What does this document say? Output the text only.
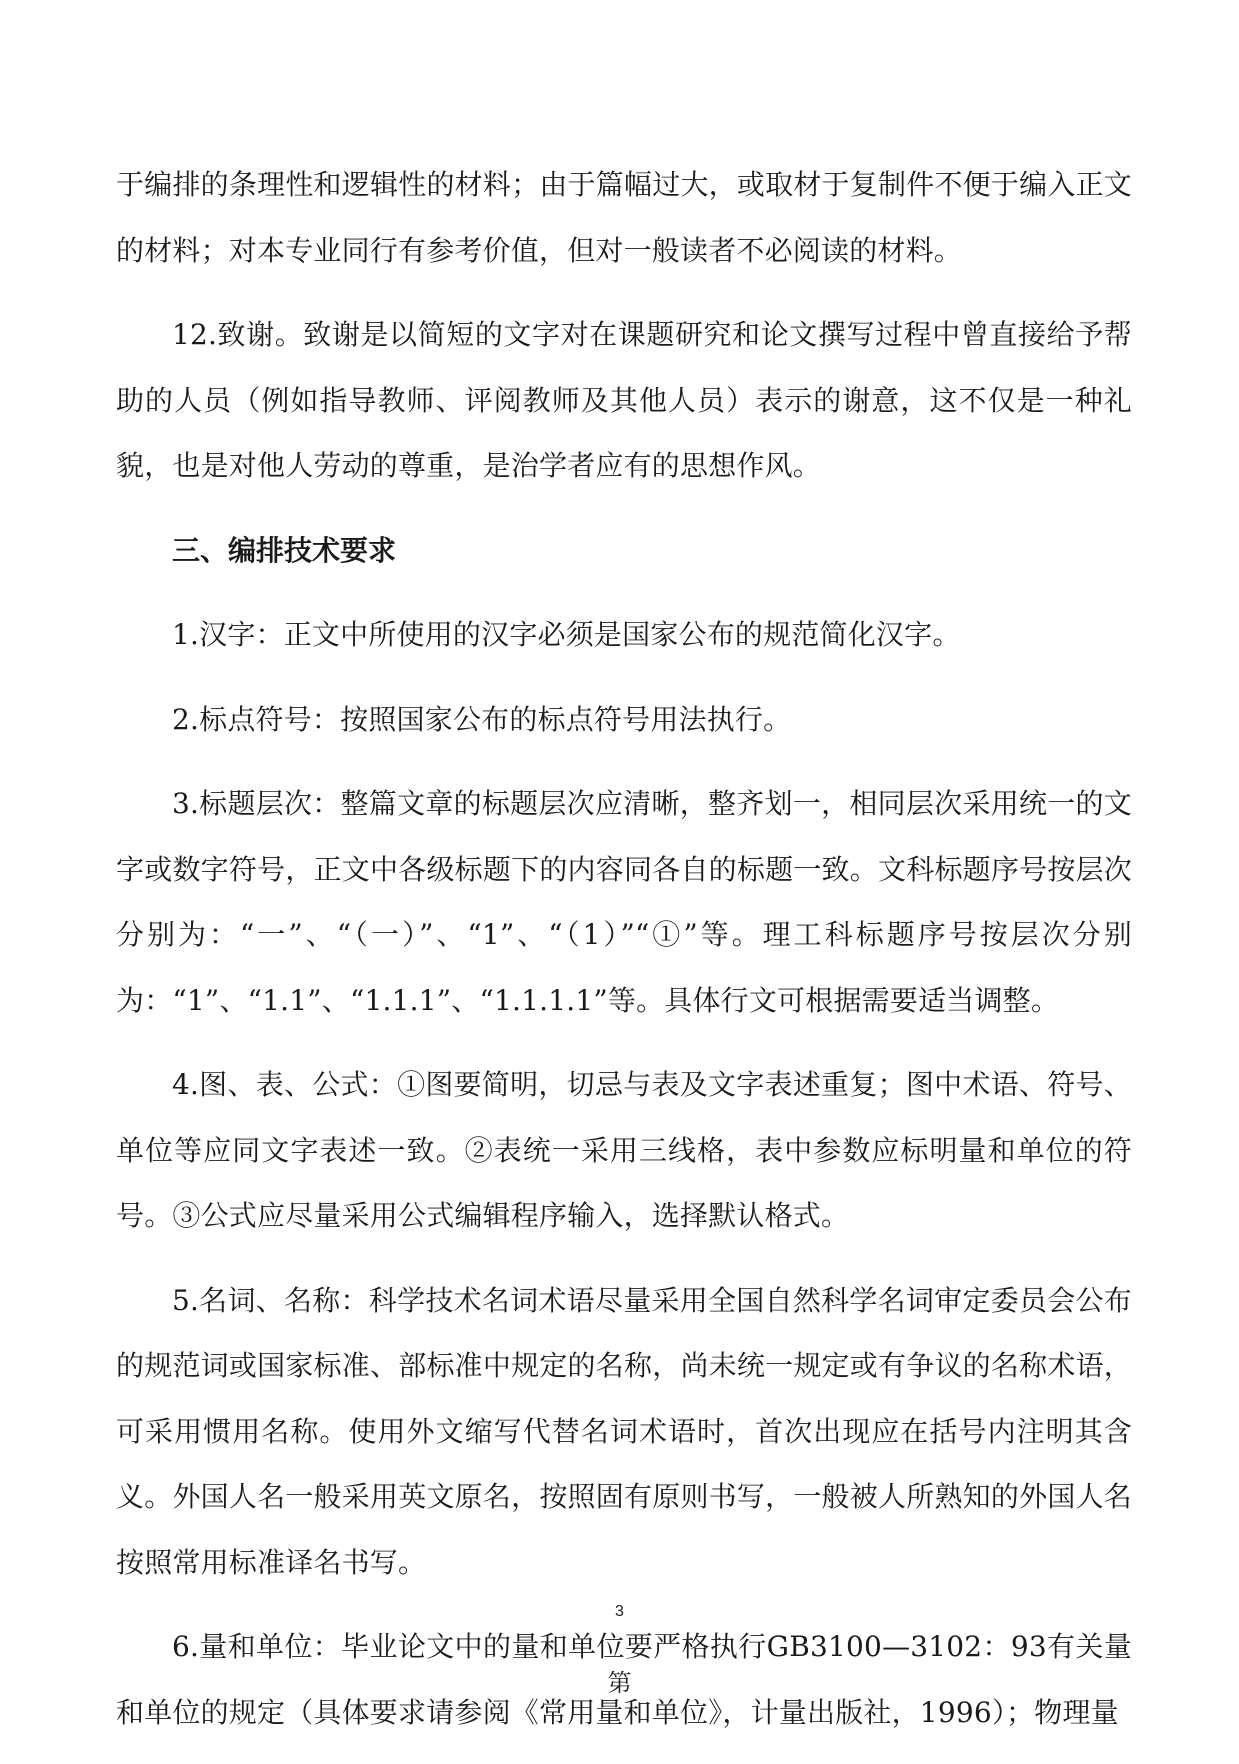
于编排的条理性和逻辑性的材料；由于篇幅过大，或取材于复制件不便于编入正文的材料；对本专业同行有参考价值，但对一般读者不必阅读的材料。

12.致谢。致谢是以简短的文字对在课题研究和论文撰写过程中曾直接给予帮助的人员（例如指导教师、评阅教师及其他人员）表示的谢意，这不仅是一种礼貌，也是对他人劳动的尊重，是治学者应有的思想作风。

三、编排技术要求

1.汉字：正文中所使用的汉字必须是国家公布的规范简化汉字。

2.标点符号：按照国家公布的标点符号用法执行。

3.标题层次：整篇文章的标题层次应清晰，整齐划一，相同层次采用统一的文字或数字符号，正文中各级标题下的内容同各自的标题一致。文科标题序号按层次分别为：“一”、“（一）”、“1”、“（1）”“①”等。理工科标题序号按层次分别为：“1”、“1.1”、“1.1.1”、“1.1.1.1”等。具体行文可根据需要适当调整。

4.图、表、公式：①图要简明，切忌与表及文字表述重复；图中术语、符号、单位等应同文字表述一致。②表统一采用三线格，表中参数应标明量和单位的符号。③公式应尽量采用公式编辑程序输入，选择默认格式。

5.名词、名称：科学技术名词术语尽量采用全国自然科学名词审定委员会公布的规范词或国家标准、部标准中规定的名称，尚未统一规定或有争议的名称术语，可采用惯用名称。使用外文缩写代替名词术语时，首次出现应在括号内注明其含义。外国人名一般采用英文原名，按照固有原则书写，一般被人所熟知的外国人名按照常用标准译名书写。

6.量和单位：毕业论文中的量和单位要严格执行GB3100—3102：93有关量和单位的规定（具体要求请参阅《常用量和单位》，计量出版社，1996）；物理量

3
第
